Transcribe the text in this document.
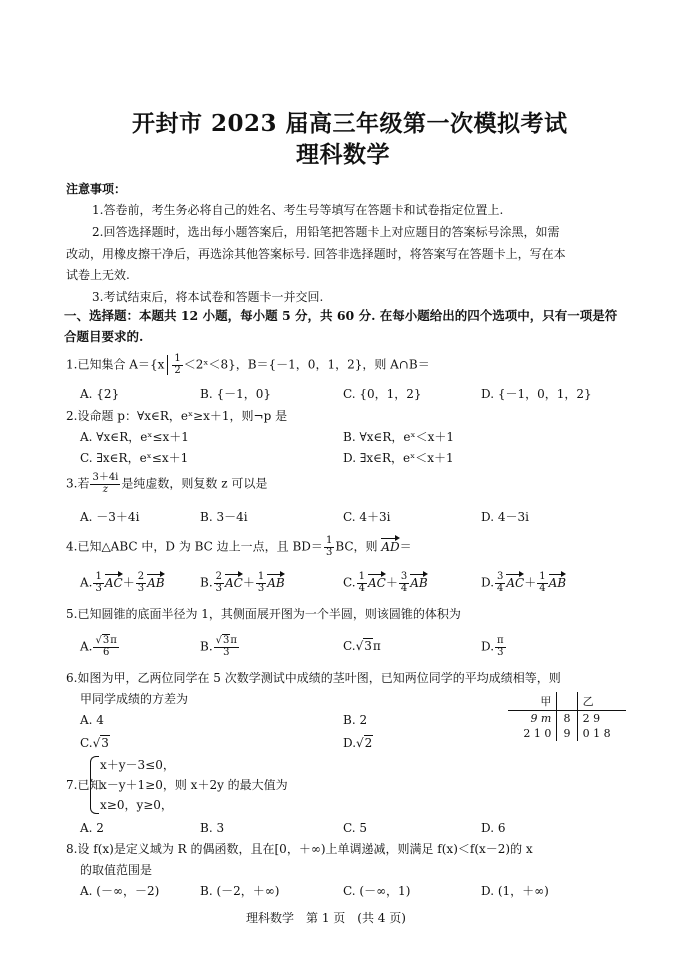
开封市 2023 届高三年级第一次模拟考试
理科数学
注意事项：
1.答卷前，考生务必将自己的姓名、考生号等填写在答题卡和试卷指定位置上.
2.回答选择题时，选出每小题答案后，用铅笔把答题卡上对应题目的答案标号涂黑，如需
改动，用橡皮擦干净后，再选涂其他答案标号. 回答非选择题时，将答案写在答题卡上，写在本
试卷上无效.
3.考试结束后，将本试卷和答题卡一并交回.
一、选择题：本题共 12 小题，每小题 5 分，共 60 分. 在每小题给出的四个选项中，只有一项是符
合题目要求的.
1.已知集合 $A=\{x \frac{1}{2}$ ＜2ˣ＜8}，B＝{－1，0，1，2}，则 A∩B＝
A. {2}	B. {－1，0}	C. {0，1，2}	D. {－1，0，1，2}
2.设命题 p：∀x∈R，eˣ≥x＋1，则¬p 是
A. ∀x∈R，eˣ≤x＋1	B. ∀x∈R，eˣ＜x＋1
C. ∃x∈R，eˣ≤x＋1	D. ∃x∈R，eˣ＜x＋1
3.若 $\frac{3+4i}{z}$ 是纯虚数，则复数 z 可以是
A. －3＋4i	B. 3－4i	C. 4＋3i	D. 4－3i
4.已知△ABC 中，D 为 BC 边上一点，且 $BD= \frac{1}{3}$ BC，则 AD＝
A. $\frac{1}{3} AC+ \frac{2}{3}$ AB	B. $\frac{2}{3} AC+ \frac{1}{3}$ AB	C. $\frac{1}{4} AC+ \frac{3}{4}$ AB	D. $\frac{3}{4} AC+ \frac{1}{4}$ AB
5.已知圆锥的底面半径为 1，其侧面展开图为一个半圆，则该圆锥的体积为
A. $\frac{√3\pi}{6}$	B. $\frac{√3\pi}{3}$	C.√3π	D. $\frac{\pi}{3}$
6.如图为甲，乙两位同学在 5 次数学测试中成绩的茎叶图，已知两位同学的平均成绩相等，则
甲同学成绩的方差为
A. 4	B. 2
C.√3	D.√2
甲		乙
9 m	8	2 9
2 1 0	9	0 1 8
7.已知
x＋y－3≤0，
x－y＋1≥0，则 x＋2y 的最大值为
x≥0，y≥0，
A. 2	B. 3	C. 5	D. 6
8.设 f(x)是定义域为 R 的偶函数，且在[0，＋∞)上单调递减，则满足 f(x)＜f(x－2)的 x
的取值范围是
A. (－∞，－2)	B. (－2，＋∞)	C. (－∞，1)	D. (1，＋∞)
理科数学　第 1 页　(共 4 页)
